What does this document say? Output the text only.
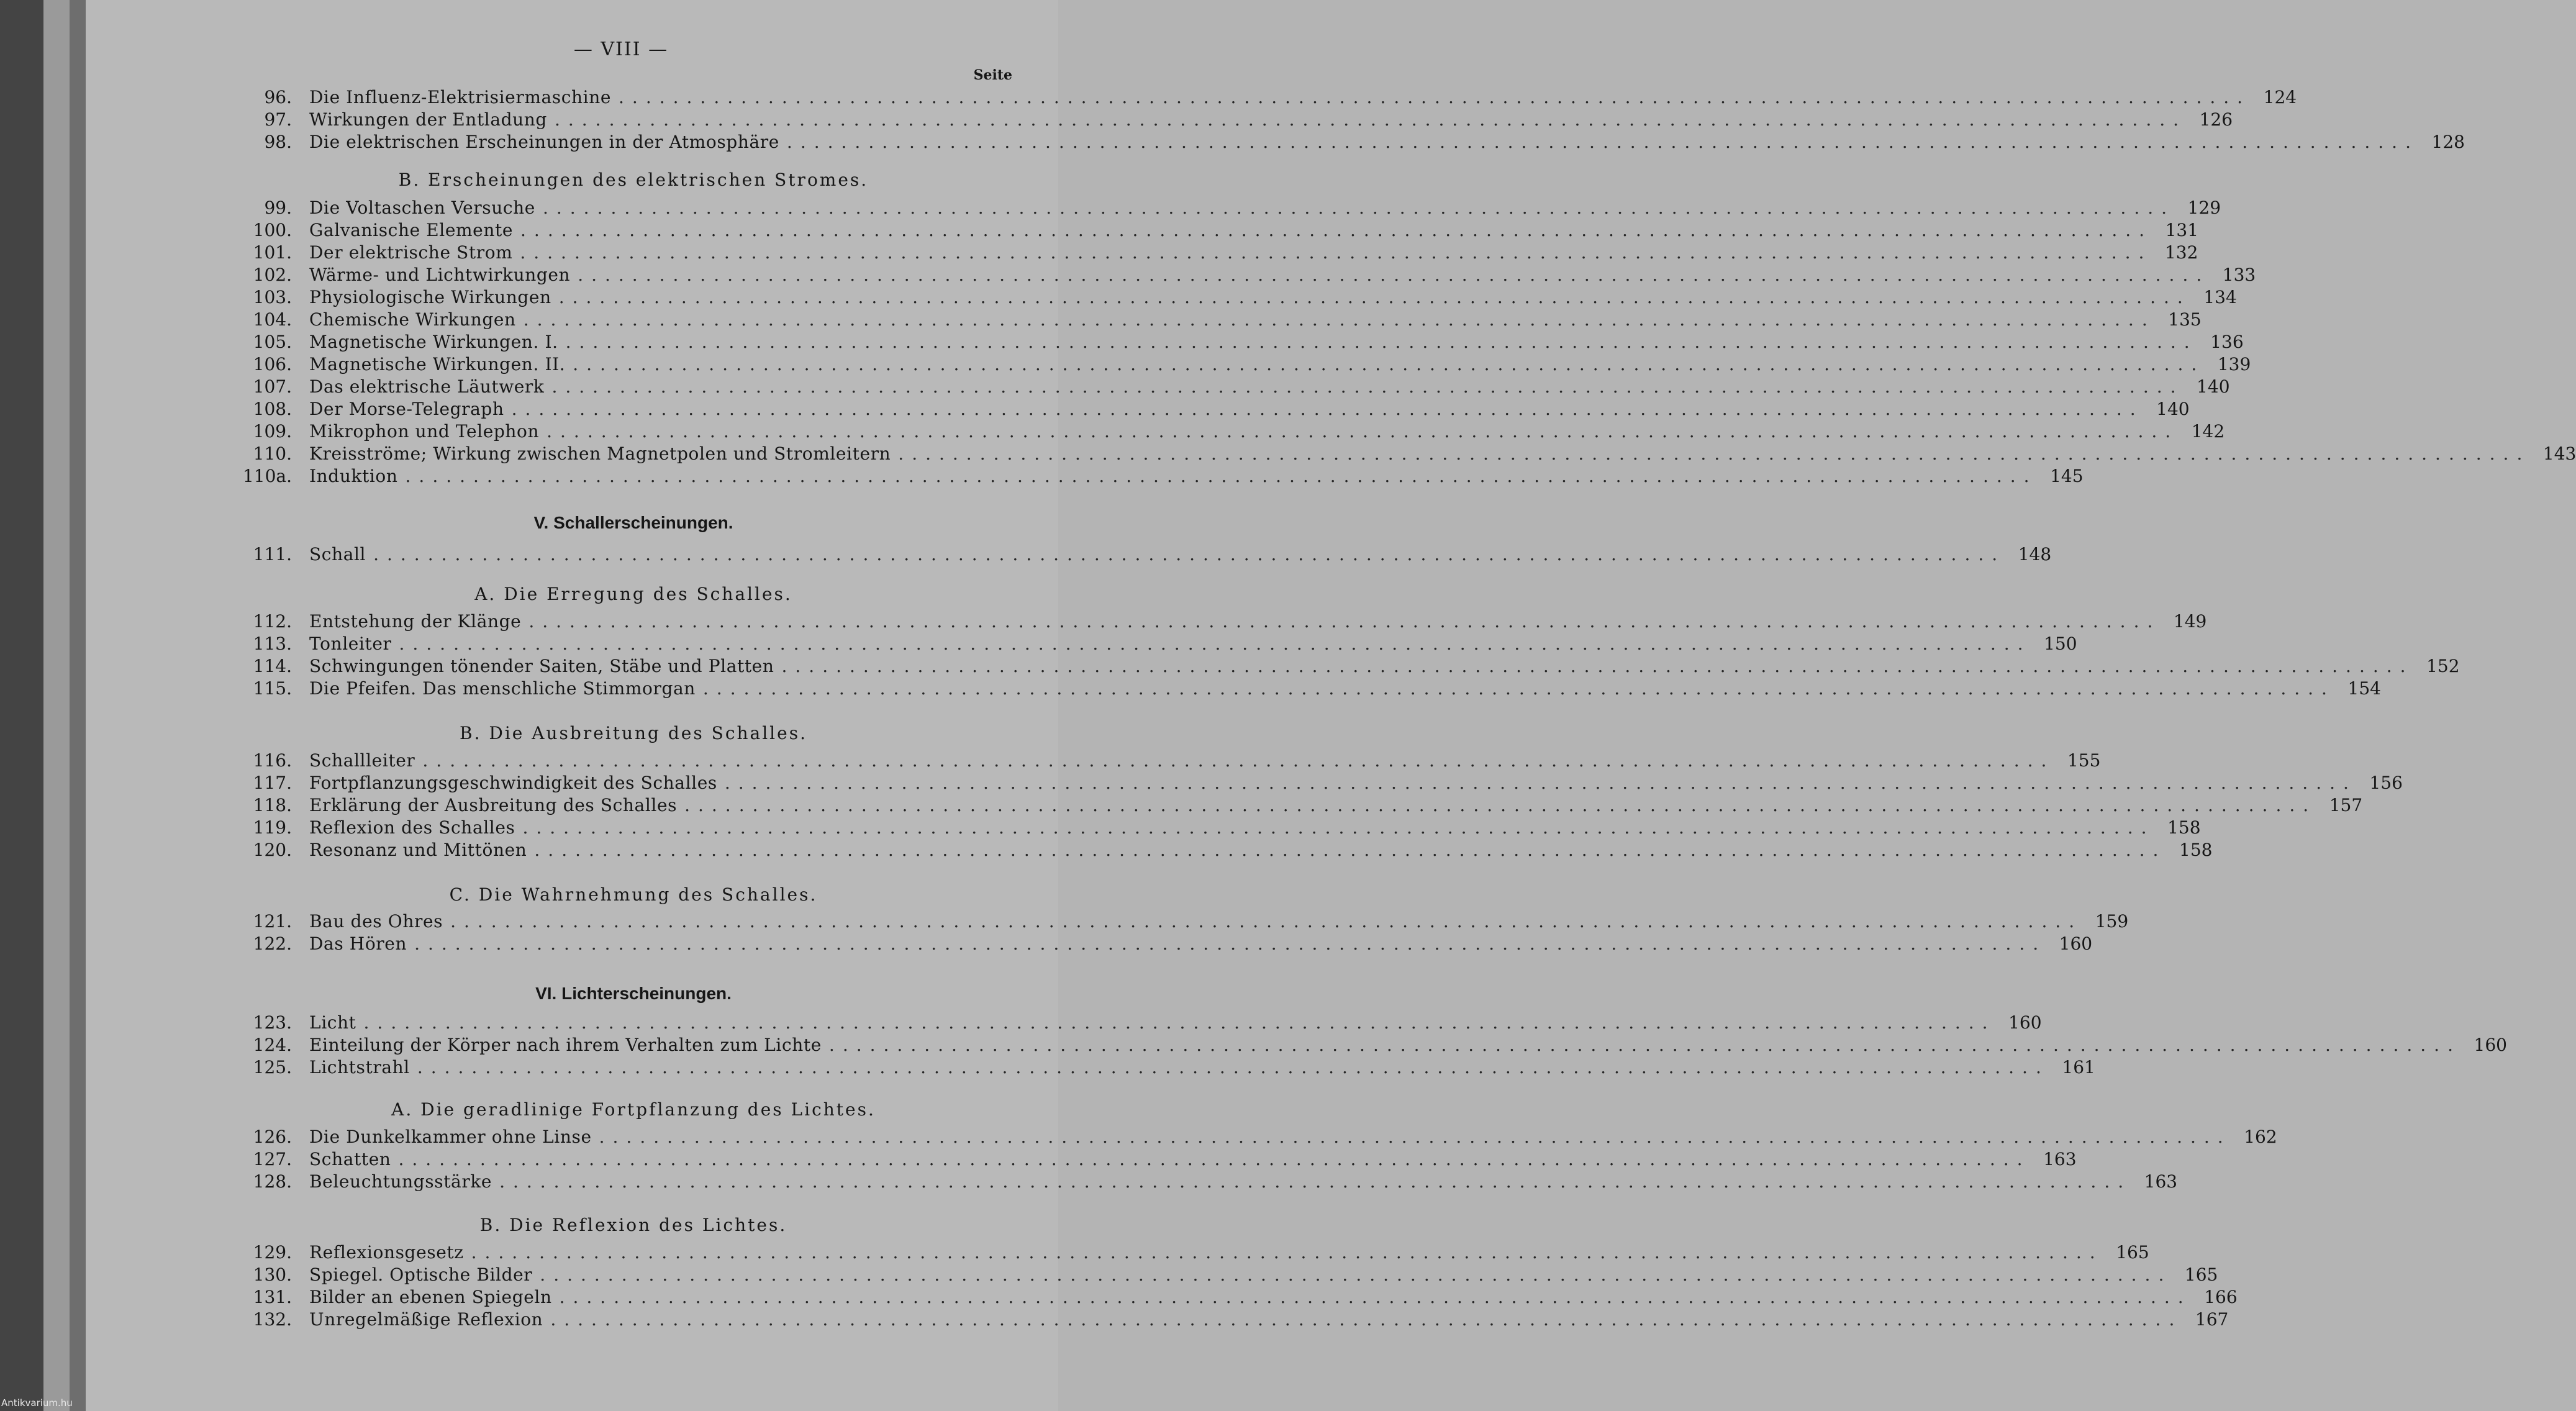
Antikvarium.hu
— VIII —
Seite
96. Die Influenz-Elektrisiermaschine ........................................................................................................................ 124
97. Wirkungen der Entladung ........................................................................................................................ 126
98. Die elektrischen Erscheinungen in der Atmosphäre ........................................................................................................................ 128
B. Erscheinungen des elektrischen Stromes.
99. Die Voltaschen Versuche ........................................................................................................................ 129
100. Galvanische Elemente ........................................................................................................................ 131
101. Der elektrische Strom ........................................................................................................................ 132
102. Wärme- und Lichtwirkungen ........................................................................................................................ 133
103. Physiologische Wirkungen ........................................................................................................................ 134
104. Chemische Wirkungen ........................................................................................................................ 135
105. Magnetische Wirkungen. I. ........................................................................................................................ 136
106. Magnetische Wirkungen. II. ........................................................................................................................ 139
107. Das elektrische Läutwerk ........................................................................................................................ 140
108. Der Morse-Telegraph ........................................................................................................................ 140
109. Mikrophon und Telephon ........................................................................................................................ 142
110. Kreisströme; Wirkung zwischen Magnetpolen und Stromleitern ........................................................................................................................ 143
110a. Induktion ........................................................................................................................ 145
V. Schallerscheinungen.
111. Schall ........................................................................................................................ 148
A. Die Erregung des Schalles.
112. Entstehung der Klänge ........................................................................................................................ 149
113. Tonleiter ........................................................................................................................ 150
114. Schwingungen tönender Saiten, Stäbe und Platten ........................................................................................................................ 152
115. Die Pfeifen. Das menschliche Stimmorgan ........................................................................................................................ 154
B. Die Ausbreitung des Schalles.
116. Schallleiter ........................................................................................................................ 155
117. Fortpflanzungsgeschwindigkeit des Schalles ........................................................................................................................ 156
118. Erklärung der Ausbreitung des Schalles ........................................................................................................................ 157
119. Reflexion des Schalles ........................................................................................................................ 158
120. Resonanz und Mittönen ........................................................................................................................ 158
C. Die Wahrnehmung des Schalles.
121. Bau des Ohres ........................................................................................................................ 159
122. Das Hören ........................................................................................................................ 160
VI. Lichterscheinungen.
123. Licht ........................................................................................................................ 160
124. Einteilung der Körper nach ihrem Verhalten zum Lichte ........................................................................................................................ 160
125. Lichtstrahl ........................................................................................................................ 161
A. Die geradlinige Fortpflanzung des Lichtes.
126. Die Dunkelkammer ohne Linse ........................................................................................................................ 162
127. Schatten ........................................................................................................................ 163
128. Beleuchtungsstärke ........................................................................................................................ 163
B. Die Reflexion des Lichtes.
129. Reflexionsgesetz ........................................................................................................................ 165
130. Spiegel. Optische Bilder ........................................................................................................................ 165
131. Bilder an ebenen Spiegeln ........................................................................................................................ 166
132. Unregelmäßige Reflexion ........................................................................................................................ 167
